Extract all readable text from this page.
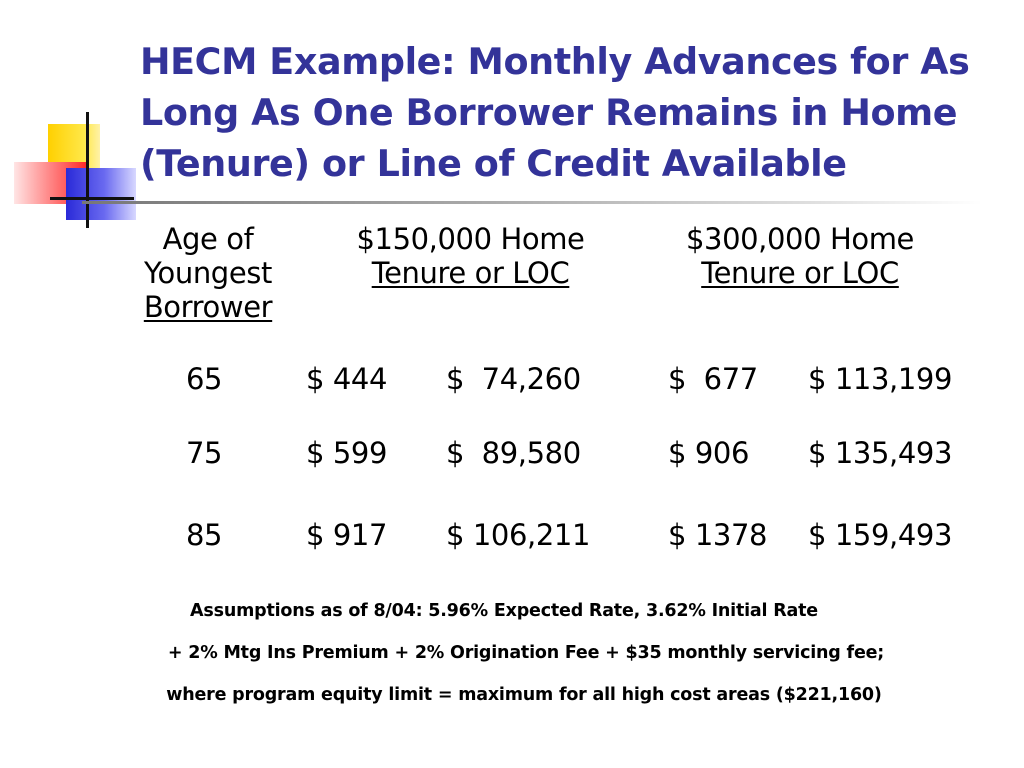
HECM Example: Monthly Advances for As Long As One Borrower Remains in Home (Tenure) or Line of Credit Available
Age of
Youngest
Borrower
$150,000 Home
Tenure or LOC
$300,000 Home
Tenure or LOC
65	$ 444 $  74,260	$  677 $ 113,199
75	$ 599 $  89,580	$ 906 $ 135,493
85	$ 917 $ 106,211	$ 1378 $ 159,493
Assumptions as of 8/04: 5.96% Expected Rate, 3.62% Initial Rate
+ 2% Mtg Ins Premium + 2% Origination Fee + $35 monthly servicing fee;
where program equity limit = maximum for all high cost areas ($221,160)
